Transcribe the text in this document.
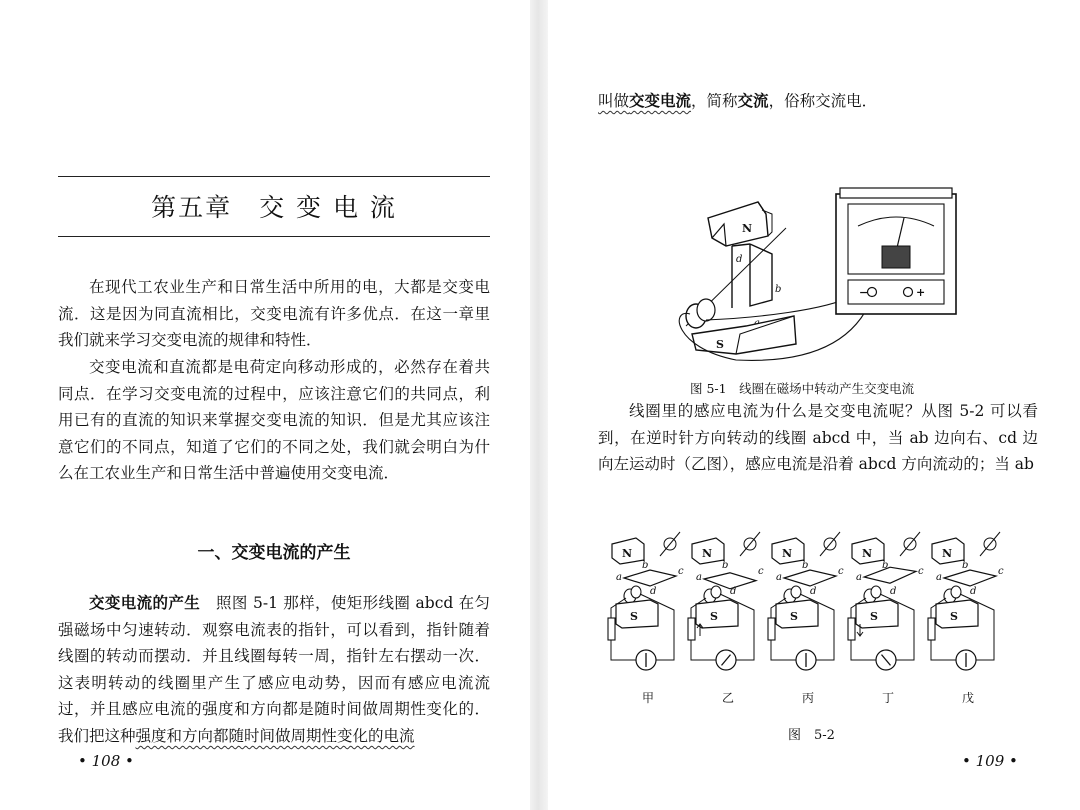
第五章　交 变 电 流

在现代工农业生产和日常生活中所用的电，大都是交变电流．这是因为同直流相比，交变电流有许多优点．在这一章里我们就来学习交变电流的规律和特性．

交变电流和直流都是电荷定向移动形成的，必然存在着共同点．在学习交变电流的过程中，应该注意它们的共同点，利用已有的直流的知识来掌握交变电流的知识．但是尤其应该注意它们的不同点，知道了它们的不同之处，我们就会明白为什么在工农业生产和日常生活中普遍使用交变电流．

一、交变电流的产生

交变电流的产生　照图 5-1 那样，使矩形线圈 abcd 在匀强磁场中匀速转动．观察电流表的指针，可以看到，指针随着线圈的转动而摆动．并且线圈每转一周，指针左右摆动一次．这表明转动的线圈里产生了感应电动势，因而有感应电流流过，并且感应电流的强度和方向都是随时间做周期性变化的．我们把这种强度和方向都随时间做周期性变化的电流

• 108 •

叫做交变电流，简称交流，俗称交流电．

N
d
b
S
−	+

图 5-1　线圈在磁场中转动产生交变电流

线圈里的感应电流为什么是交变电流呢？从图 5-2 可以看到，在逆时针方向转动的线圈 abcd 中，当 ab 边向右、cd 边向左运动时（乙图），感应电流是沿着 abcd 方向流动的；当 ab

N
a
b
c
d
S
甲
N
a
b
c
d
S
乙
N
a
b
c
d
S
丙
N
a
b
c
d
S
丁
N
a
b
c
d
S
戊

图　5-2

• 109 •
